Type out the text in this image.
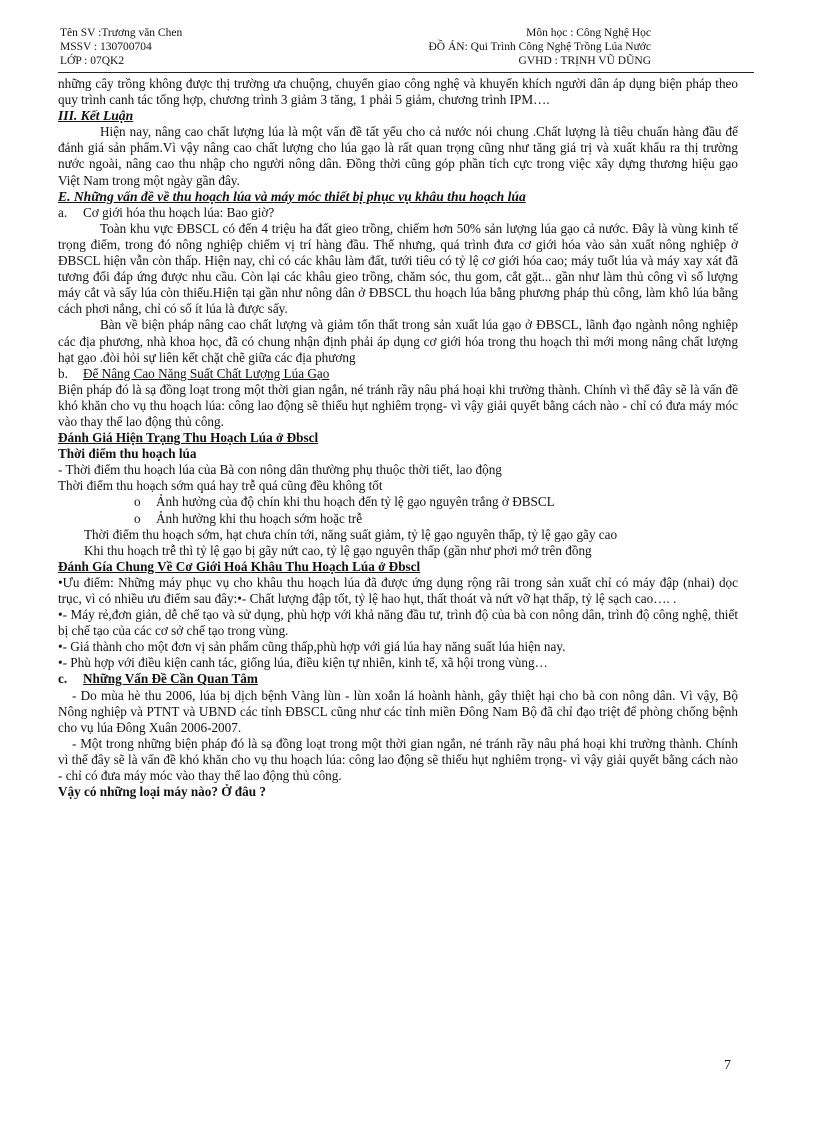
Tên SV :Trương văn Chen
MSSV : 130700704
LỚP : 07QK2
Môn học : Công Nghệ Học
ĐỒ ÁN: Qui Trình Công Nghệ Trồng Lúa Nước
GVHD : TRỊNH VŨ DŨNG

những cây trồng không được thị trường ưa chuộng, chuyển giao công nghệ và khuyến khích người dân áp dụng biện pháp theo quy trình canh tác tổng hợp, chương trình 3 giảm 3 tăng, 1 phải 5 giảm, chương trình IPM….

III. Kết Luận

Hiện nay, nâng cao chất lượng lúa là một vấn đề tất yếu cho cả nước nói chung .Chất lượng là tiêu chuẩn hàng đầu để đánh giá sản phẩm.Vì vậy nâng cao chất lượng cho lúa gạo là rất quan trọng cũng như tăng giá trị và xuất khẩu ra thị trường nước ngoài, nâng cao thu nhập cho người nông dân. Đồng thời cũng góp phần tích cực trong việc xây dựng thương hiệu gạo Việt Nam trong một ngày gần đây.

E. Những vấn đề về thu hoạch lúa và máy móc thiết bị phục vụ khâu thu hoạch lúa

a. Cơ giới hóa thu hoạch lúa: Bao giờ?

Toàn khu vực ĐBSCL có đến 4 triệu ha đất gieo trồng, chiếm hơn 50% sản lượng lúa gạo cả nước. Đây là vùng kinh tế trọng điểm, trong đó nông nghiệp chiếm vị trí hàng đầu. Thế nhưng, quá trình đưa cơ giới hóa vào sản xuất nông nghiệp ở ĐBSCL hiện vẫn còn thấp. Hiện nay, chỉ có các khâu làm đất, tưới tiêu có tỷ lệ cơ giới hóa cao; máy tuốt lúa và máy xay xát đã tương đối đáp ứng được nhu cầu. Còn lại các khâu gieo trồng, chăm sóc, thu gom, cắt gặt... gần như làm thủ công vì số lượng máy cắt và sấy lúa còn thiếu.Hiện tại gần như nông dân ở ĐBSCL thu hoạch lúa bằng phương pháp thủ công, làm khô lúa bằng cách phơi nắng, chỉ có số ít lúa là được sấy.

Bàn về biện pháp nâng cao chất lượng và giảm tổn thất trong sản xuất lúa gạo ở ĐBSCL, lãnh đạo ngành nông nghiệp các địa phương, nhà khoa học, đã có chung nhận định phải áp dụng cơ giới hóa trong thu hoạch thì mới mong nâng chất lượng hạt gạo .đòi hỏi sự liên kết chặt chẽ giữa các địa phương

b. Để Nâng Cao Năng Suất Chất Lượng Lúa Gạo

Biện pháp đó là sạ đồng loạt trong một thời gian ngắn, né tránh rầy nâu phá hoại khi trường thành. Chính vì thế đây sẽ là vấn đề khó khăn cho vụ thu hoạch lúa: công lao động sẽ thiếu hụt nghiêm trọng- vì vậy giải quyết bằng cách nào - chỉ có đưa máy móc vào thay thế lao động thủ công.

Đánh Giá Hiện Trạng Thu Hoạch Lúa ở Đbscl

Thời điểm thu hoạch lúa

- Thời điểm thu hoạch lúa của Bà con nông dân thường phụ thuộc thời tiết, lao động

Thời điểm thu hoạch sớm quá hay trễ quá cũng đều không tốt

o Ảnh hưởng của độ chín khi thu hoạch đến tỷ lệ gạo nguyên trắng ở ĐBSCL
o Ảnh hưởng khi thu hoạch sớm hoặc trễ

Thời điểm thu hoạch sớm, hạt chưa chín tới, năng suất giảm, tỷ lệ gạo nguyên thấp, tỷ lệ gạo gãy cao

Khi thu hoạch trễ thì tỷ lệ gạo bị gãy nứt cao, tỷ lệ gạo nguyên thấp (gần như phơi mớ trên đồng

Đánh Gía Chung Về Cơ Giới Hoá Khâu Thu Hoạch Lúa ở Đbscl

•Ưu điểm: Những máy phục vụ cho khâu thu hoạch lúa đã được ứng dụng rộng rãi trong sản xuất chỉ có máy đập (nhai) dọc trục, vì có nhiều ưu điểm sau đây:•- Chất lượng đập tốt, tỷ lệ hao hụt, thất thoát và nứt vỡ hạt thấp, tỷ lệ sạch cao…. .

•- Máy rẻ,đơn giản, dễ chế tạo và sử dụng, phù hợp với khả năng đầu tư, trình độ của bà con nông dân, trình độ công nghệ, thiết bị chế tạo của các cơ sở chế tạo trong vùng.

•- Giá thành cho một đơn vị sản phẩm cũng thấp,phù hợp với giá lúa hay năng suất lúa hiện nay.

•- Phù hợp với điều kiện canh tác, giống lúa, điều kiện tự nhiên, kinh tế, xã hội trong vùng…

c. Những Vấn Đề Cần Quan Tâm

- Do mùa hè thu 2006, lúa bị dịch bệnh Vàng lùn - lùn xoắn lá hoành hành, gây thiệt hại cho bà con nông dân. Vì vậy, Bộ Nông nghiệp và PTNT và UBND các tỉnh ĐBSCL cũng như các tỉnh miền Đông Nam Bộ đã chỉ đạo triệt để phòng chống bệnh cho vụ lúa Đông Xuân 2006-2007.

- Một trong những biện pháp đó là sạ đồng loạt trong một thời gian ngắn, né tránh rầy nâu phá hoại khi trường thành. Chính vì thế đây sẽ là vấn đề khó khăn cho vụ thu hoạch lúa: công lao động sẽ thiếu hụt nghiêm trọng- vì vậy giải quyết bằng cách nào - chỉ có đưa máy móc vào thay thế lao động thủ công.

Vậy có những loại máy nào? Ở đâu ?

7
